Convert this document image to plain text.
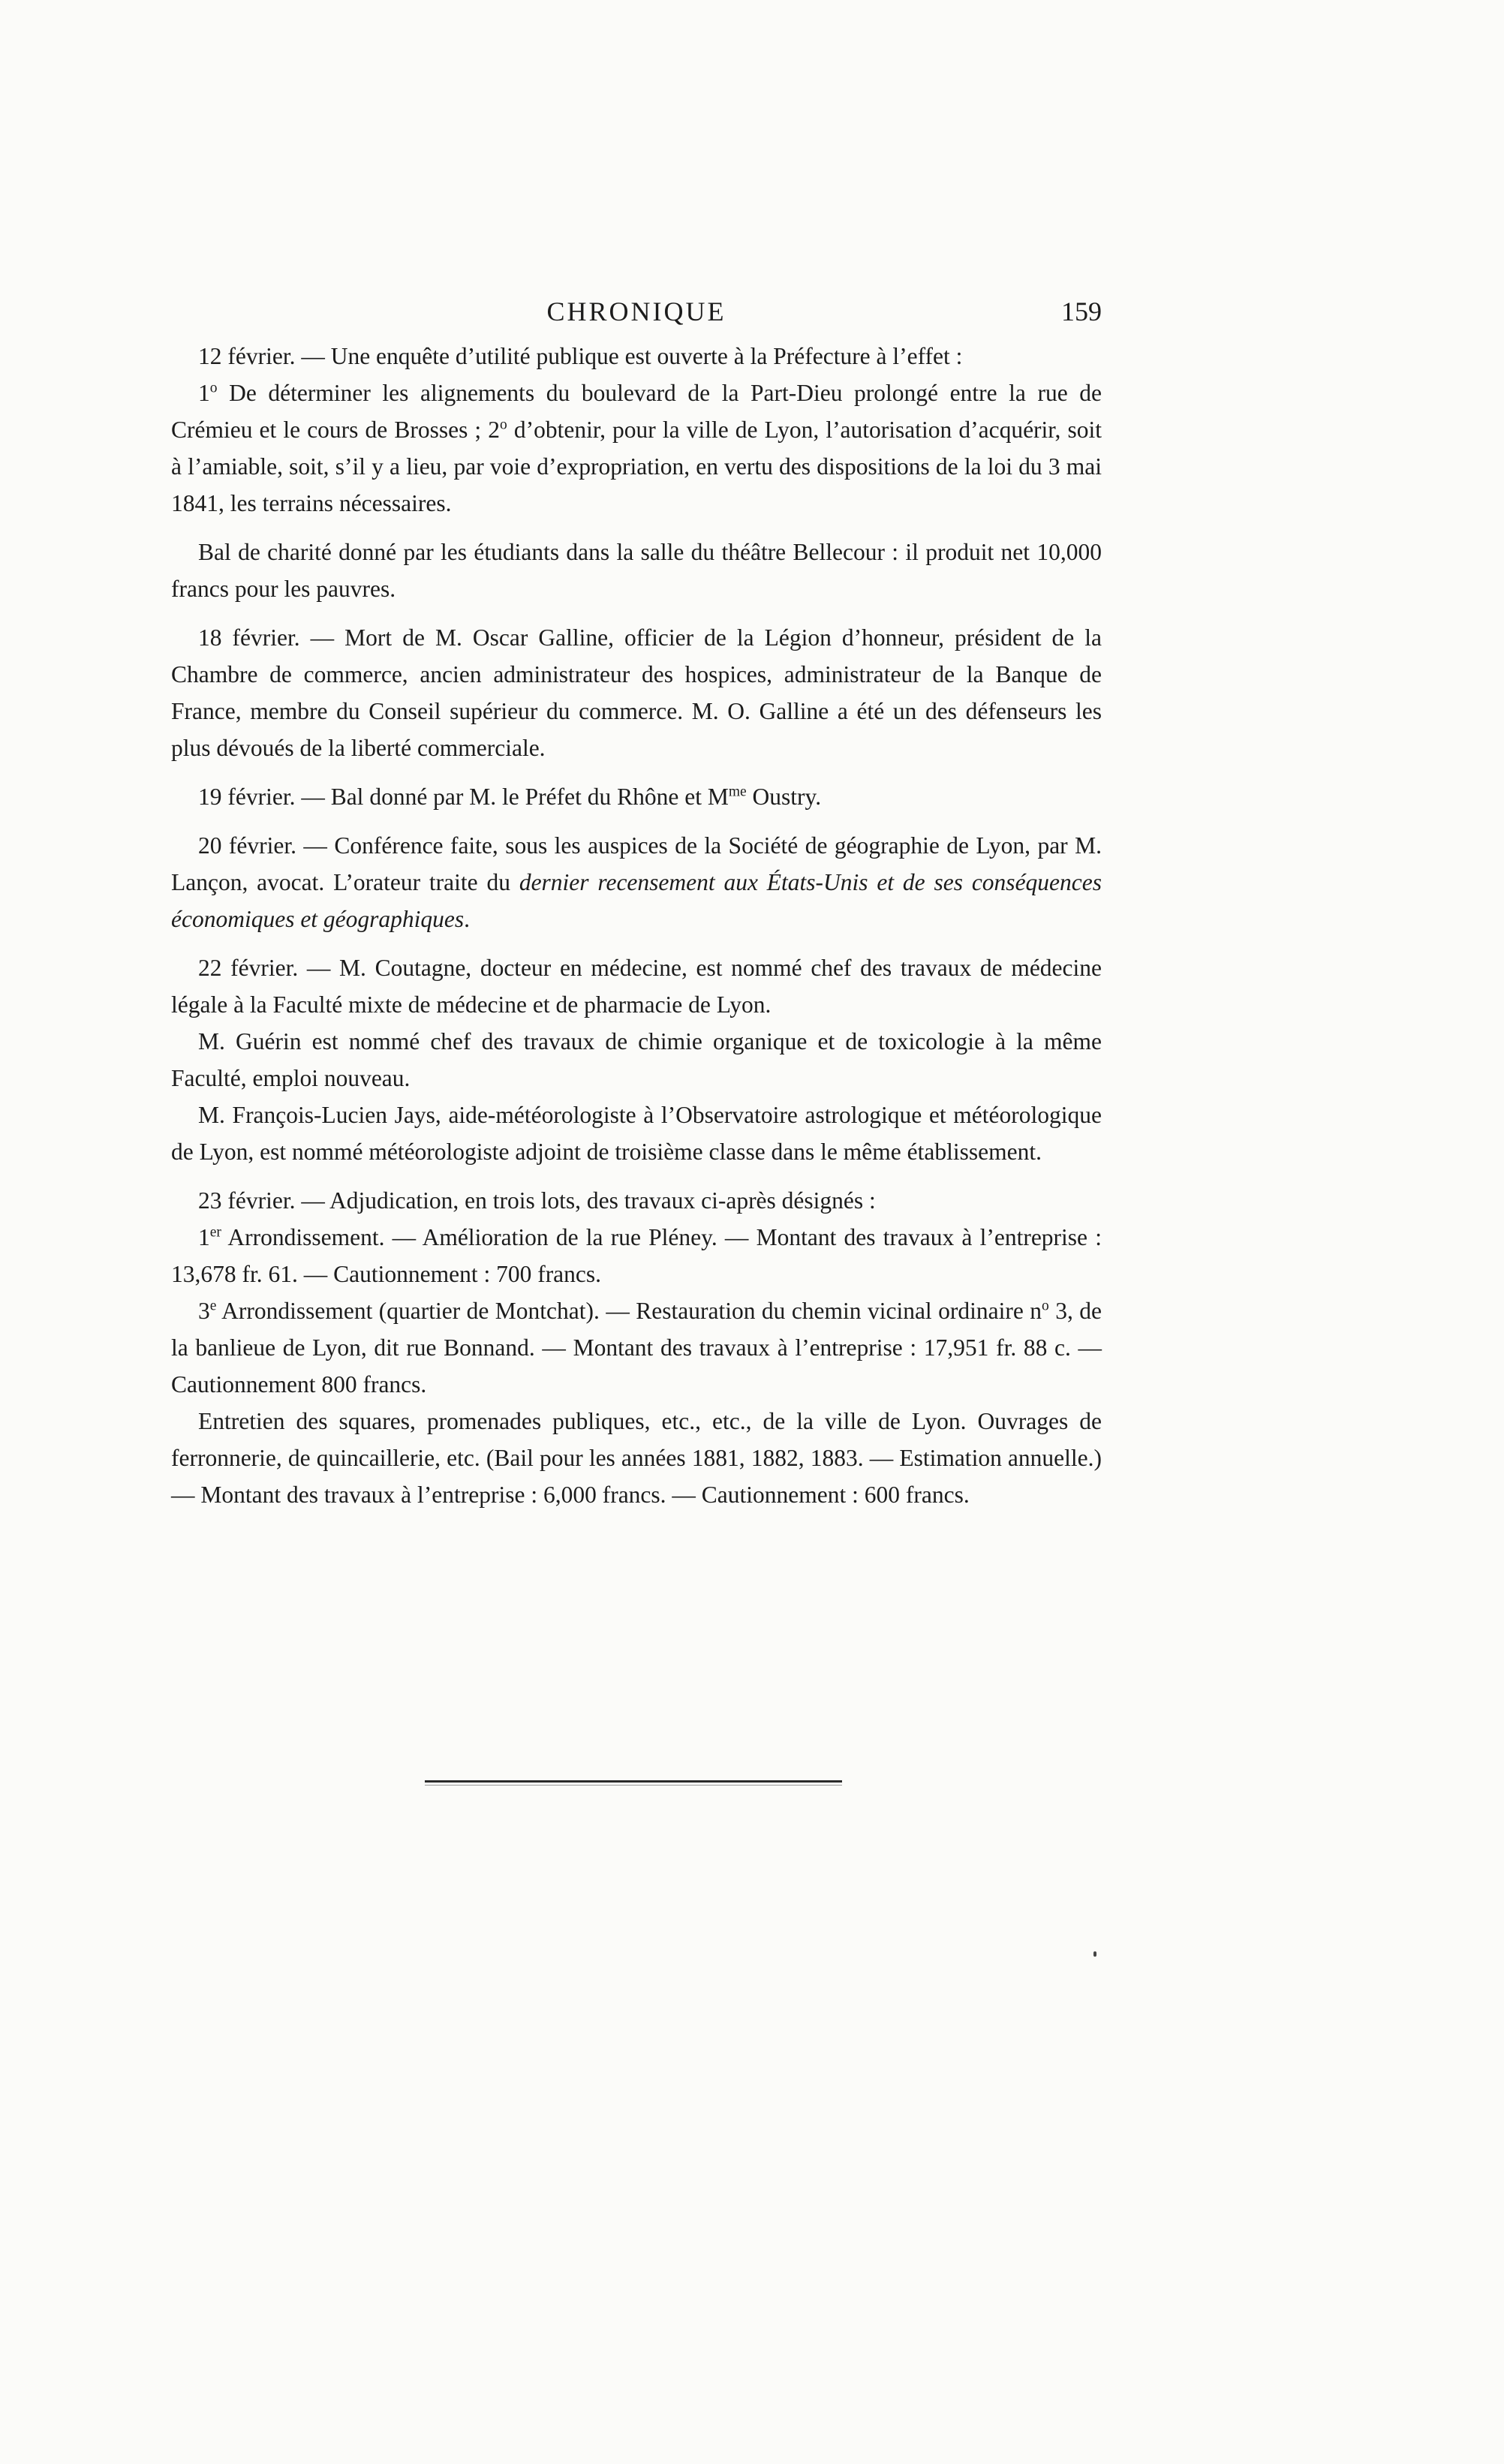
CHRONIQUE	159

12 février. — Une enquête d’utilité publique est ouverte à la Préfecture à l’effet :

1$^o$ De déterminer les alignements du boulevard de la Part-Dieu prolongé entre la rue de Crémieu et le cours de Brosses ; 2$^o$ d’obtenir, pour la ville de Lyon, l’autorisation d’acquérir, soit à l’amiable, soit, s’il y a lieu, par voie d’expropriation, en vertu des dispositions de la loi du 3 mai 1841, les terrains nécessaires.

Bal de charité donné par les étudiants dans la salle du théâtre Bellecour : il produit net 10,000 francs pour les pauvres.

18 février. — Mort de M. Oscar Galline, officier de la Légion d’honneur, président de la Chambre de commerce, ancien administrateur des hospices, administrateur de la Banque de France, membre du Conseil supérieur du commerce. M. O. Galline a été un des défenseurs les plus dévoués de la liberté commerciale.

19 février. — Bal donné par M. le Préfet du Rhône et $M^{me}$ Oustry.

20 février. — Conférence faite, sous les auspices de la Société de géographie de Lyon, par M. Lançon, avocat. L’orateur traite du dernier recensement aux États-Unis et de ses conséquences économiques et géographiques.

22 février. — M. Coutagne, docteur en médecine, est nommé chef des travaux de médecine légale à la Faculté mixte de médecine et de pharmacie de Lyon.

M. Guérin est nommé chef des travaux de chimie organique et de toxicologie à la même Faculté, emploi nouveau.

M. François-Lucien Jays, aide-météorologiste à l’Observatoire astrologique et météorologique de Lyon, est nommé météorologiste adjoint de troisième classe dans le même établissement.

23 février. — Adjudication, en trois lots, des travaux ci-après désignés :

1er Arrondissement. — Amélioration de la rue Pléney. — Montant des travaux à l’entreprise : 13,678 fr. 61. — Cautionnement : 700 francs.

3e Arrondissement (quartier de Montchat). — Restauration du chemin vicinal ordinaire $n^o$ 3, de la banlieue de Lyon, dit rue Bonnand. — Montant des travaux à l’entreprise : 17,951 fr. 88 c. — Cautionnement 800 francs.

Entretien des squares, promenades publiques, etc., etc., de la ville de Lyon. Ouvrages de ferronnerie, de quincaillerie, etc. (Bail pour les années 1881, 1882, 1883. — Estimation annuelle.) — Montant des travaux à l’entreprise : 6,000 francs. — Cautionnement : 600 francs.
